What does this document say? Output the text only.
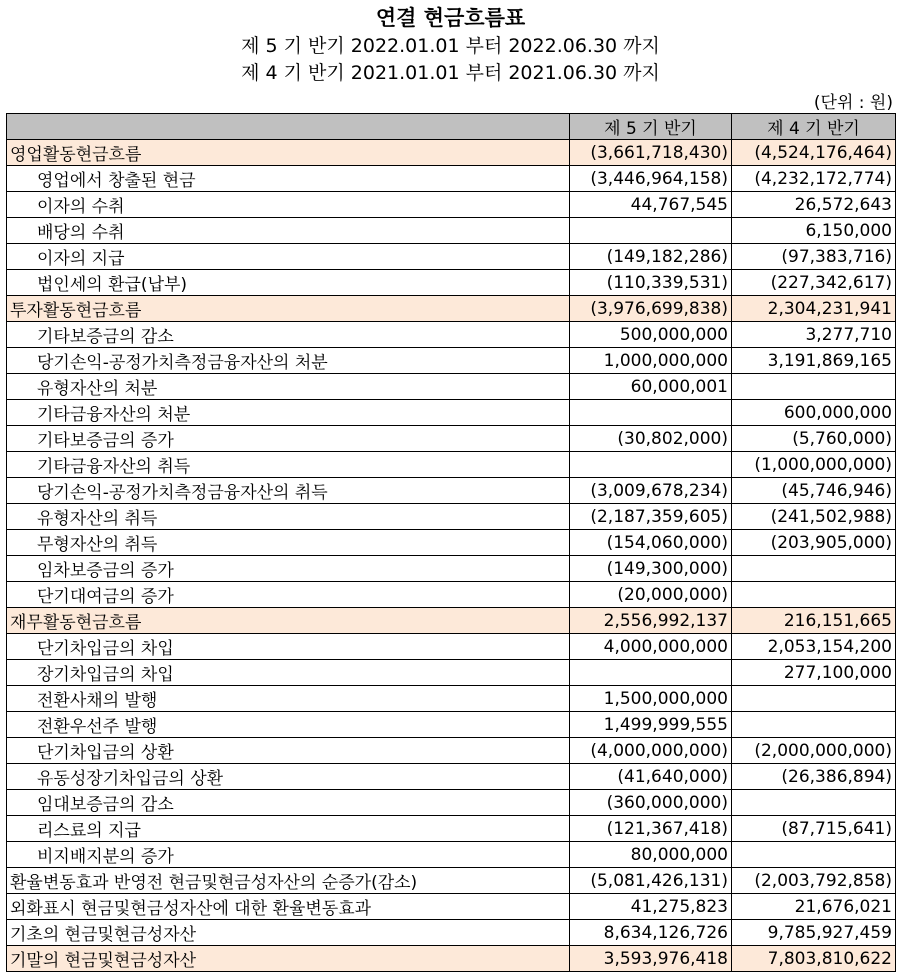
연결 현금흐름표
제 5 기 반기 2022.01.01 부터 2022.06.30 까지
제 4 기 반기 2021.01.01 부터 2021.06.30 까지
(단위 : 원)
	제 5 기 반기	제 4 기 반기
영업활동현금흐름	(3,661,718,430)	(4,524,176,464)
영업에서 창출된 현금	(3,446,964,158)	(4,232,172,774)
이자의 수취	44,767,545	26,572,643
배당의 수취		6,150,000
이자의 지급	(149,182,286)	(97,383,716)
법인세의 환급(납부)	(110,339,531)	(227,342,617)
투자활동현금흐름	(3,976,699,838)	2,304,231,941
기타보증금의 감소	500,000,000	3,277,710
당기손익-공정가치측정금융자산의 처분	1,000,000,000	3,191,869,165
유형자산의 처분	60,000,001	
기타금융자산의 처분		600,000,000
기타보증금의 증가	(30,802,000)	(5,760,000)
기타금융자산의 취득		(1,000,000,000)
당기손익-공정가치측정금융자산의 취득	(3,009,678,234)	(45,746,946)
유형자산의 취득	(2,187,359,605)	(241,502,988)
무형자산의 취득	(154,060,000)	(203,905,000)
임차보증금의 증가	(149,300,000)	
단기대여금의 증가	(20,000,000)	
재무활동현금흐름	2,556,992,137	216,151,665
단기차입금의 차입	4,000,000,000	2,053,154,200
장기차입금의 차입		277,100,000
전환사채의 발행	1,500,000,000	
전환우선주 발행	1,499,999,555	
단기차입금의 상환	(4,000,000,000)	(2,000,000,000)
유동성장기차입금의 상환	(41,640,000)	(26,386,894)
임대보증금의 감소	(360,000,000)	
리스료의 지급	(121,367,418)	(87,715,641)
비지배지분의 증가	80,000,000	
환율변동효과 반영전 현금및현금성자산의 순증가(감소)	(5,081,426,131)	(2,003,792,858)
외화표시 현금및현금성자산에 대한 환율변동효과	41,275,823	21,676,021
기초의 현금및현금성자산	8,634,126,726	9,785,927,459
기말의 현금및현금성자산	3,593,976,418	7,803,810,622
